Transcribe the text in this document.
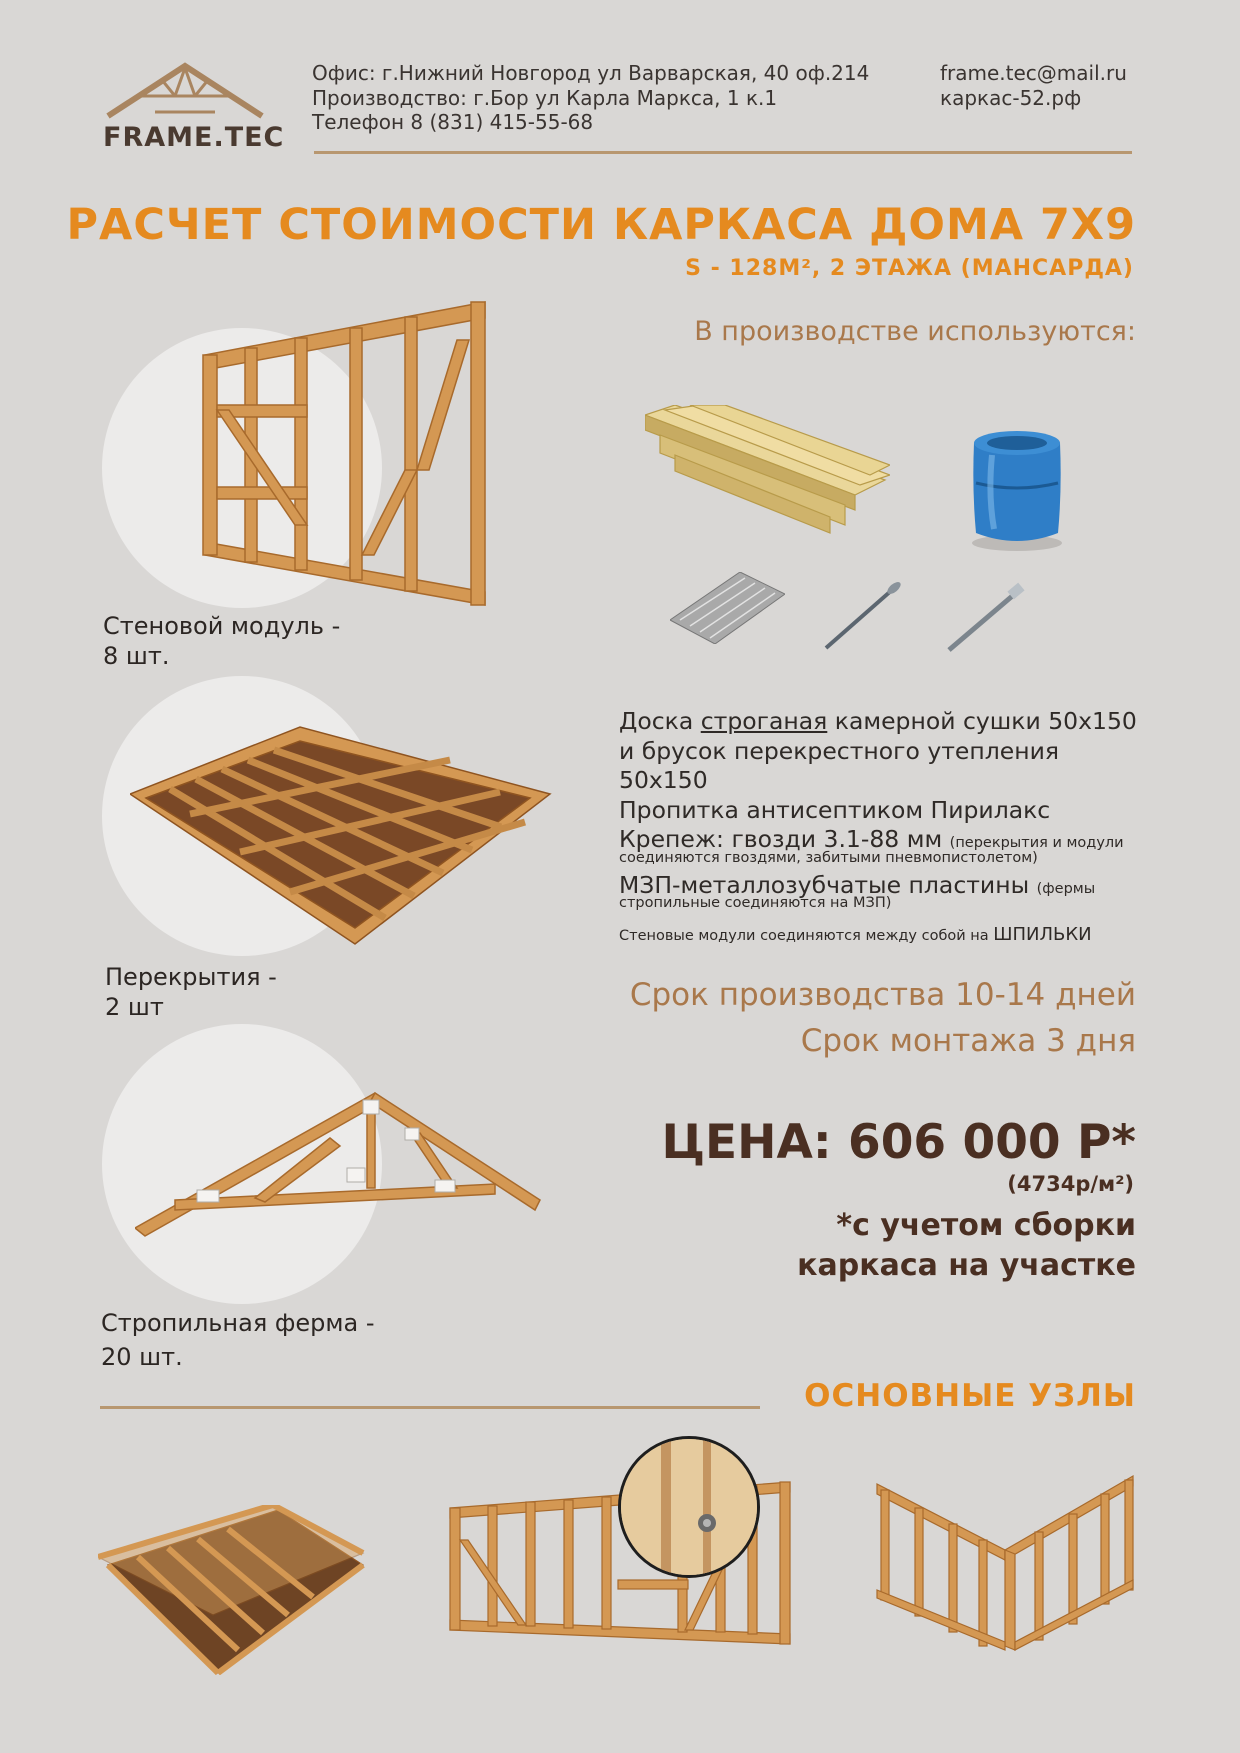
FRAME.TEC
Офис: г.Нижний Новгород ул Варварская, 40 оф.214
Производство: г.Бор ул Карла Маркса, 1 к.1
Телефон 8 (831) 415-55-68
frame.tec@mail.ru
каркас-52.рф
РАСЧЕТ СТОИМОСТИ КАРКАСА ДОМА 7Х9
S - 128М², 2 ЭТАЖА (МАНСАРДА)
В производстве используются:
Стеновой модуль -
8 шт.
Перекрытия -
2 шт
Стропильная ферма -
20 шт.
Доска строганая камерной сушки 50х150
и брусок перекрестного утепления 50х150
Пропитка антисептиком Пирилакс
Крепеж: гвозди 3.1-88 мм (перекрытия и модули
соединяются гвоздями, забитыми пневмопистолетом)
МЗП-металлозубчатые пластины (фермы
стропильные соединяются на МЗП)
Стеновые модули соединяются между собой на ШПИЛЬКИ
Срок производства 10-14 дней
Срок монтажа 3 дня
ЦЕНА: 606 000 Р*
(4734р/м²)
*с учетом сборки
каркаса на участке
ОСНОВНЫЕ УЗЛЫ
